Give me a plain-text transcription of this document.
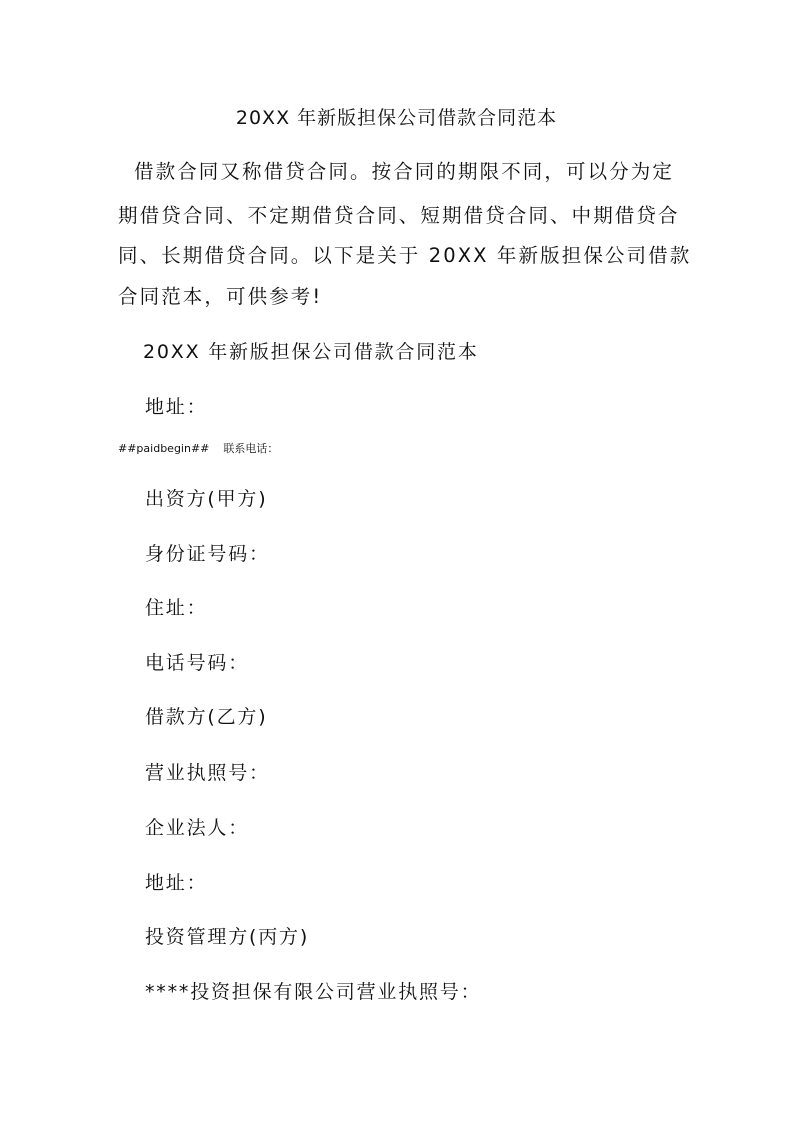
20XX 年新版担保公司借款合同范本
借款合同又称借贷合同。按合同的期限不同，可以分为定
期借贷合同、不定期借贷合同、短期借贷合同、中期借贷合
同、长期借贷合同。以下是关于 20XX 年新版担保公司借款
合同范本，可供参考!
20XX 年新版担保公司借款合同范本
地址：
##paidbegin## 联系电话：
出资方(甲方)
身份证号码：
住址：
电话号码：
借款方(乙方)
营业执照号：
企业法人：
地址：
投资管理方(丙方)
****投资担保有限公司营业执照号：
